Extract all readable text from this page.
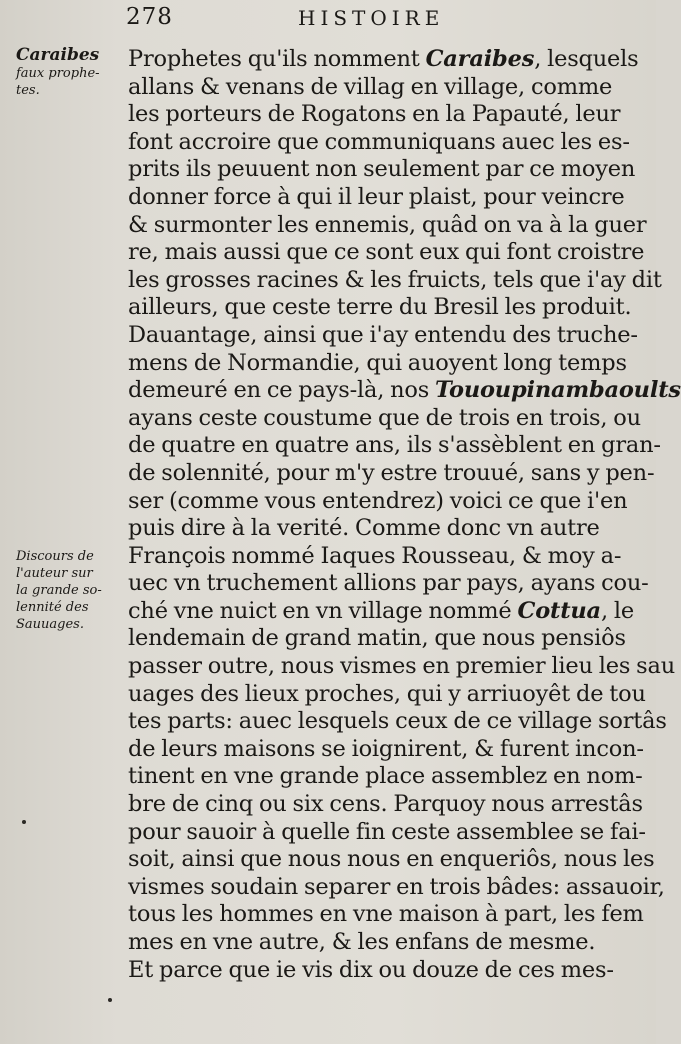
278	HISTOIRE
Caraibes
faux prophe-
tes.
Discours de
l'auteur sur
la grande so-
lennité des
Sauuages.
Prophetes qu'ils nomment Caraibes, lesquels
allans & venans de villag en village, comme
les porteurs de Rogatons en la Papauté, leur
font accroire que communiquans auec les es-
prits ils peuuent non seulement par ce moyen
donner force à qui il leur plaist, pour veincre
& surmonter les ennemis, quâd on va à la guer
re, mais aussi que ce sont eux qui font croistre
les grosses racines & les fruicts, tels que i'ay dit
ailleurs, que ceste terre du Bresil les produit.
Dauantage, ainsi que i'ay entendu des truche-
mens de Normandie, qui auoyent long temps
demeuré en ce pays-là, nos Tououpinambaoults
ayans ceste coustume que de trois en trois, ou
de quatre en quatre ans, ils s'assèblent en gran-
de solennité, pour m'y estre trouué, sans y pen-
ser (comme vous entendrez) voici ce que i'en
puis dire à la verité. Comme donc vn autre
François nommé Iaques Rousseau, & moy a-
uec vn truchement allions par pays, ayans cou-
ché vne nuict en vn village nommé Cottua, le
lendemain de grand matin, que nous pensiôs
passer outre, nous vismes en premier lieu les sau
uages des lieux proches, qui y arriuoyêt de tou
tes parts: auec lesquels ceux de ce village sortâs
de leurs maisons se ioignirent, & furent incon-
tinent en vne grande place assemblez en nom-
bre de cinq ou six cens. Parquoy nous arrestâs
pour sauoir à quelle fin ceste assemblee se fai-
soit, ainsi que nous nous en enqueriôs, nous les
vismes soudain separer en trois bâdes: assauoir,
tous les hommes en vne maison à part, les fem
mes en vne autre, & les enfans de mesme.
Et parce que ie vis dix ou douze de ces mes-
